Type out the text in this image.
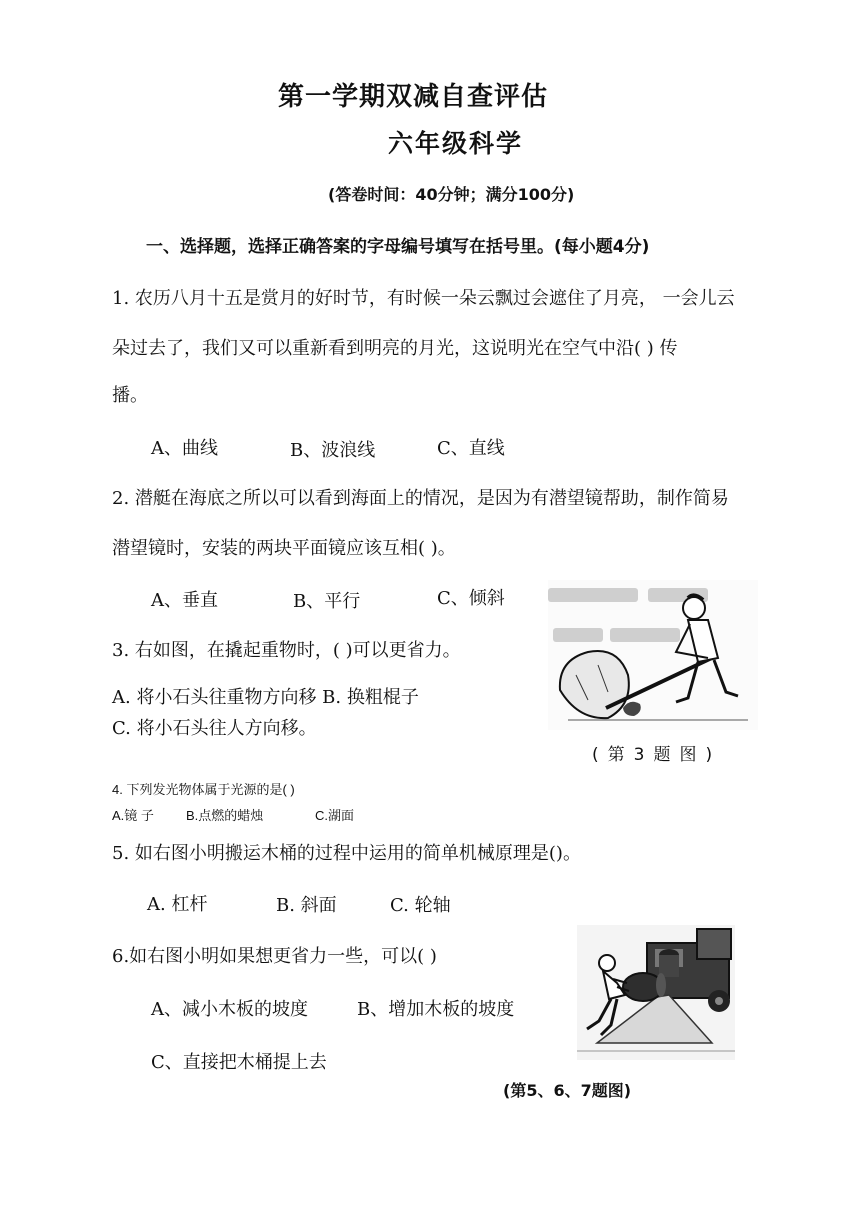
第一学期双减自查评估
六年级科学
(答卷时间：40分钟；满分100分)
一、选择题，选择正确答案的字母编号填写在括号里。(每小题4分)
1. 农历八月十五是赏月的好时节，有时候一朵云飘过会遮住了月亮， 一会儿云
朵过去了，我们又可以重新看到明亮的月光，这说明光在空气中沿( ) 传
播。
A、曲线	B、波浪线	C、直线
2. 潜艇在海底之所以可以看到海面上的情况，是因为有潜望镜帮助，制作简易
潜望镜时，安装的两块平面镜应该互相( )。
A、垂直	B、平行	C、倾斜
3. 右如图，在撬起重物时，( )可以更省力。
A. 将小石头往重物方向移 B. 换粗棍子
C. 将小石头往人方向移。
(第3题图)
4. 下列发光物体属于光源的是( )
A.镜 子 B.点燃的蜡烛	C.湖面
5. 如右图小明搬运木桶的过程中运用的简单机械原理是()。
A. 杠杆	B. 斜面	C. 轮轴
6.如右图小明如果想更省力一些，可以( )
A、减小木板的坡度	B、增加木板的坡度
C、直接把木桶提上去
(第5、6、7题图)
